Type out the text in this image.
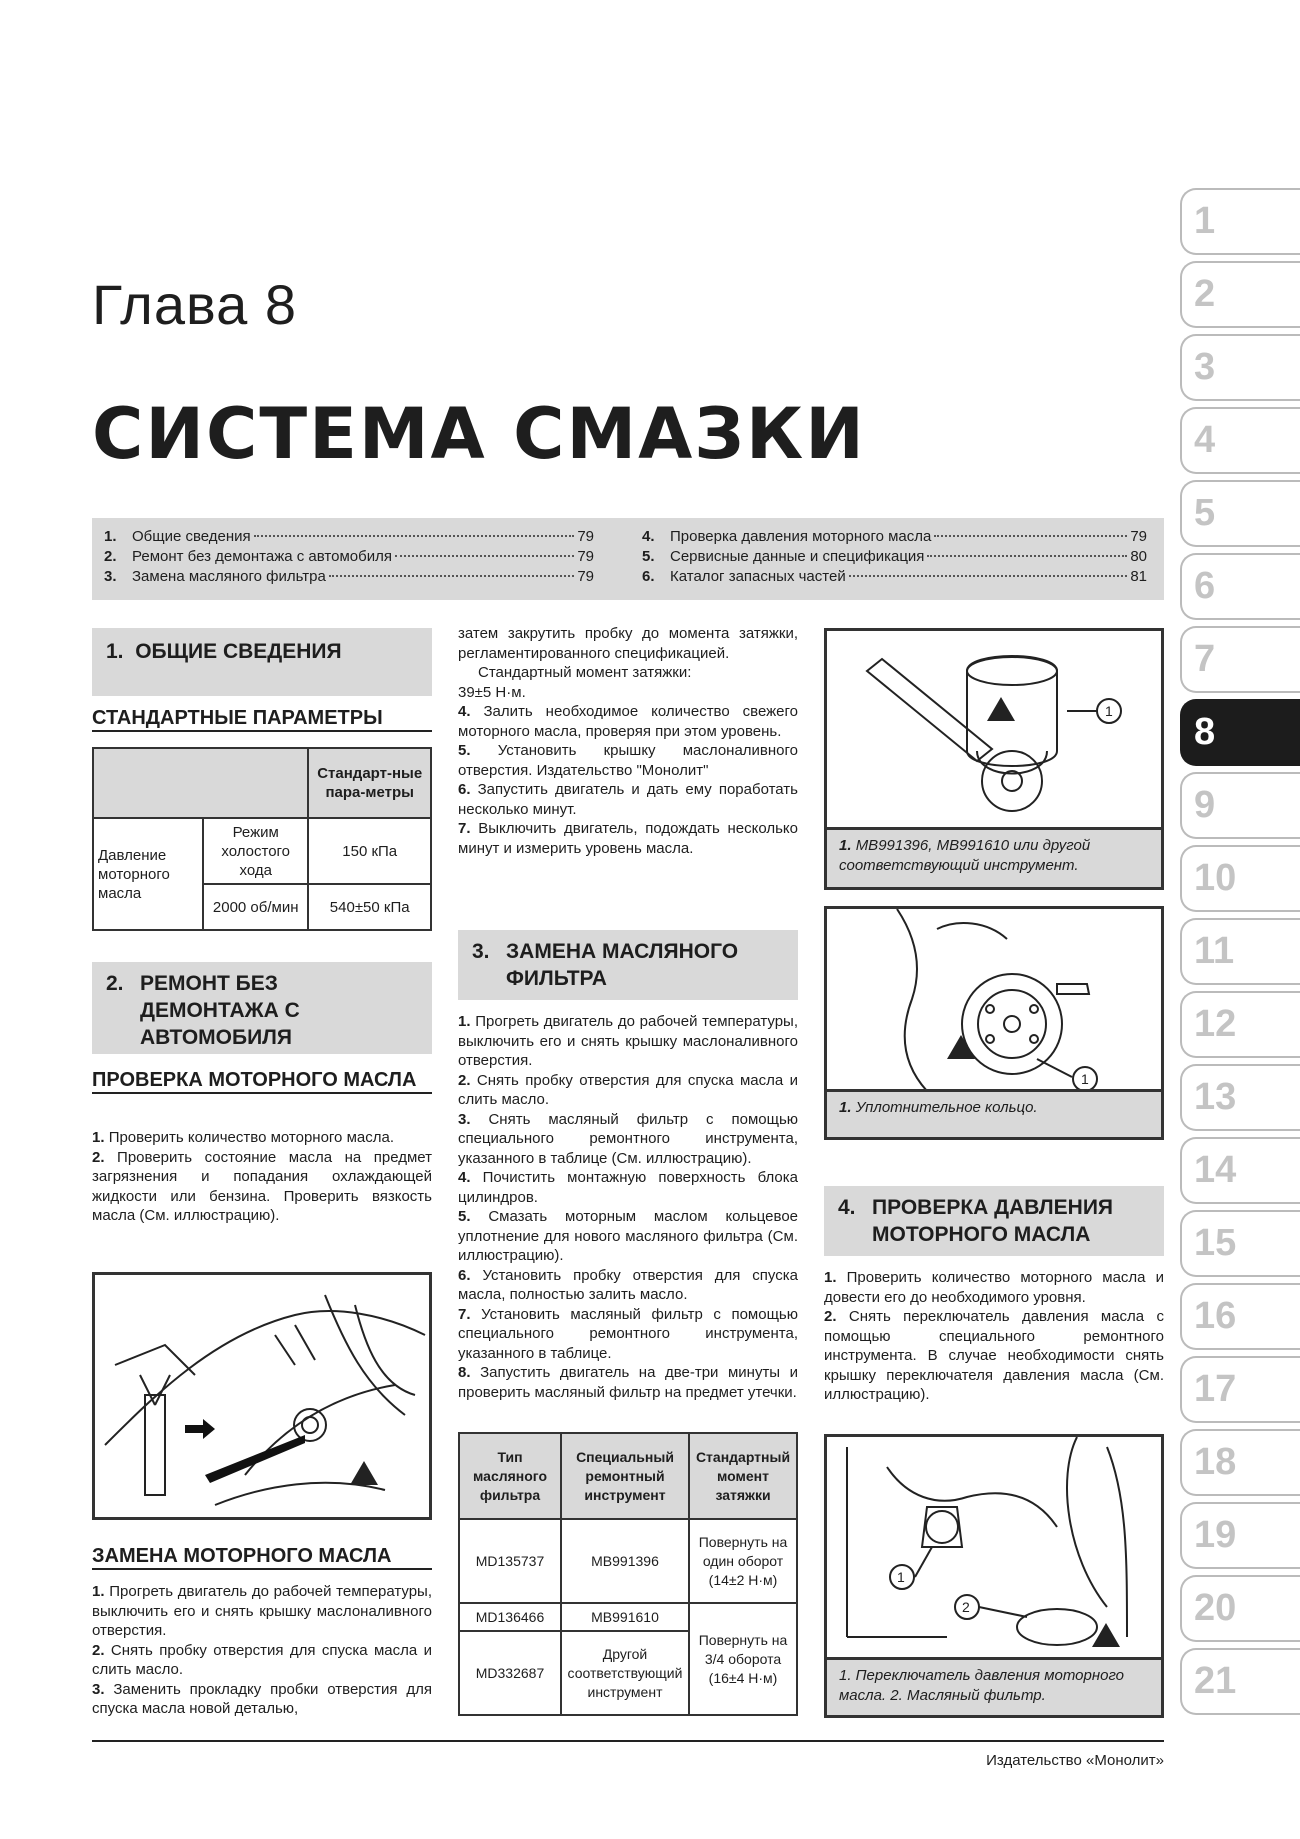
Глава 8
СИСТЕМА СМАЗКИ
1.	Общие сведения	79
2.	Ремонт без демонтажа с автомобиля	79
3.	Замена масляного фильтра	79
4.	Проверка давления моторного масла	79
5.	Сервисные данные и спецификация	80
6.	Каталог запасных частей	81
1. ОБЩИЕ СВЕДЕНИЯ
СТАНДАРТНЫЕ ПАРАМЕТРЫ
		Стандарт-ные пара-метры
Давление моторного масла	Режим холостого хода	150 кПа
	2000 об/мин	540±50 кПа
2. РЕМОНТ БЕЗ ДЕМОНТАЖА С АВТОМОБИЛЯ
ПРОВЕРКА МОТОРНОГО МАСЛА

1. Проверить количество моторного масла.

2. Проверить состояние масла на предмет загрязнения и попадания охлаждающей жидкости или бензина. Проверить вязкость масла (См. иллюстрацию).

ЗАМЕНА МОТОРНОГО МАСЛА

1. Прогреть двигатель до рабочей температуры, выключить его и снять крышку маслоналивного отверстия.

2. Снять пробку отверстия для спуска масла и слить масло.

3. Заменить прокладку пробки отверстия для спуска масла новой деталью,

затем закрутить пробку до момента затяжки, регламентированного спецификацией.

Стандартный момент затяжки:

39±5 Н·м.

4. Залить необходимое количество свежего моторного масла, проверяя при этом уровень.

5. Установить крышку маслоналивного отверстия. Издательство "Монолит"

6. Запустить двигатель и дать ему поработать несколько минут.

7. Выключить двигатель, подождать несколько минут и измерить уровень масла.

3. ЗАМЕНА МАСЛЯНОГО ФИЛЬТРА

1. Прогреть двигатель до рабочей температуры, выключить его и снять крышку маслоналивного отверстия.

2. Снять пробку отверстия для спуска масла и слить масло.

3. Снять масляный фильтр с помощью специального ремонтного инструмента, указанного в таблице (См. иллюстрацию).

4. Почистить монтажную поверхность блока цилиндров.

5. Смазать моторным маслом кольцевое уплотнение для нового масляного фильтра (См. иллюстрацию).

6. Установить пробку отверстия для спуска масла, полностью залить масло.

7. Установить масляный фильтр с помощью специального ремонтного инструмента, указанного в таблице.

8. Запустить двигатель на две-три минуты и проверить масляный фильтр на предмет утечки.

Тип масляного фильтра	Специальный ремонтный инструмент	Стандартный момент затяжки
MD135737	MB991396	Повернуть на один оборот (14±2 Н·м)
MD136466	MB991610	Повернуть на 3/4 оборота (16±4 Н·м)
MD332687	Другой соответствующий инструмент	
1
1. MB991396, MB991610 или другой соответствующий инструмент.
1
1. Уплотнительное кольцо.
4. ПРОВЕРКА ДАВЛЕНИЯ МОТОРНОГО МАСЛА

1. Проверить количество моторного масла и довести его до необходимого уровня.

2. Снять переключатель давления масла с помощью специального ремонтного инструмента. В случае необходимости снять крышку переключателя давления масла (См. иллюстрацию).

1
2
1. Переключатель давления моторного масла. 2. Масляный фильтр.
Издательство «Монолит»
1
2
3
4
5
6
7
8
9
10
11
12
13
14
15
16
17
18
19
20
21
